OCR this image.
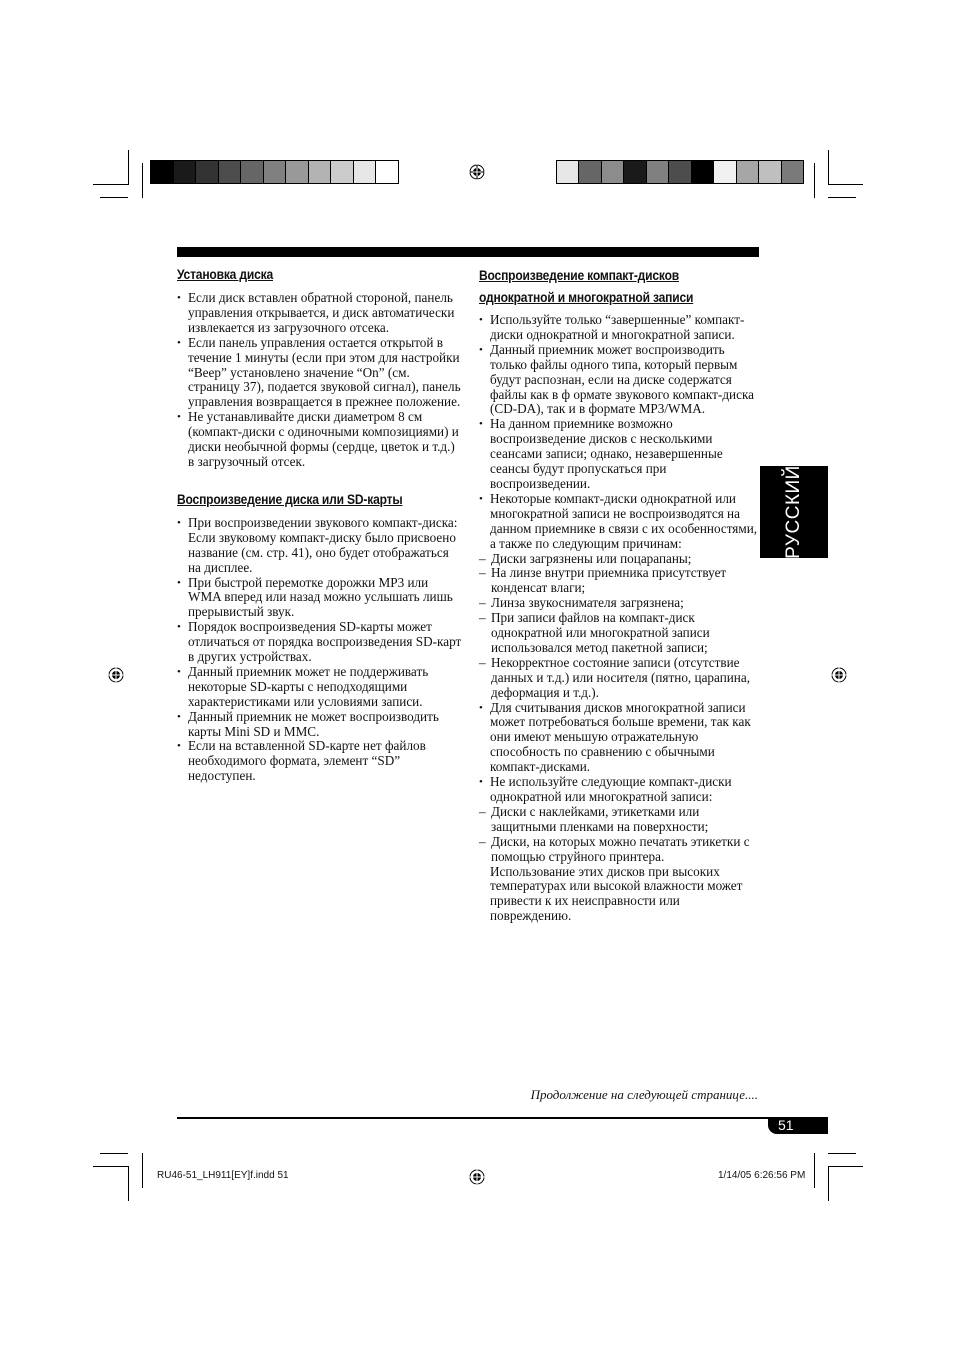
Установка диска
• Если диск вставлен обратной стороной, панель управления открывается, и диск автоматически извлекается из загрузочного отсека.
• Если панель управления остается открытой в течение 1 минуты (если при этом для настройки “Beep” установлено значение “On” (см. страницу 37), подается звуковой сигнал), панель управления возвращается в прежнее положение.
• Не устанавливайте диски диаметром 8 см (компакт-диски с одиночными композициями) и диски необычной формы (сердце, цветок и т.д.) в загрузочный отсек.
Воспроизведение диска или SD-карты
• При воспроизведении звукового компакт-диска: Если звуковому компакт-диску было присвоено название (см. стр. 41), оно будет отображаться на дисплее.
• При быстрой перемотке дорожки MP3 или WMA вперед или назад можно услышать лишь прерывистый звук.
• Порядок воспроизведения SD-карты может отличаться от порядка воспроизведения SD-карт в других устройствах.
• Данный приемник может не поддерживать некоторые SD-карты с неподходящими характеристиками или условиями записи.
• Данный приемник не может воспроизводить карты Mini SD и MMC.
• Если на вставленной SD-карте нет файлов необходимого формата, элемент “SD” недоступен.
Воспроизведение компакт-дисков
однократной и многократной записи
• Используйте только “завершенные” компакт-диски однократной и многократной записи.
• Данный приемник может воспроизводить только файлы одного типа, который первым будут распознан, если на диске содержатся файлы как в ф ормате звукового компакт-диска (CD-DA), так и в формате MP3/WMA.
• На данном приемнике возможно воспроизведение дисков с несколькими сеансами записи; однако, незавершенные сеансы будут пропускаться при воспроизведении.
• Некоторые компакт-диски однократной или многократной записи не воспроизводятся на данном приемнике в связи с их особенностями, а также по следующим причинам:
– Диски загрязнены или поцарапаны;
– На линзе внутри приемника присутствует конденсат влаги;
– Линза звукоснимателя загрязнена;
– При записи файлов на компакт-диск однократной или многократной записи использовался метод пакетной записи;
– Некорректное состояние записи (отсутствие данных и т.д.) или носителя (пятно, царапина, деформация и т.д.).
• Для считывания дисков многократной записи может потребоваться больше времени, так как они имеют меньшую отражательную способность по сравнению с обычными компакт-дисками.
• Не используйте следующие компакт-диски однократной или многократной записи:
– Диски с наклейками, этикетками или защитными пленками на поверхности;
– Диски, на которых можно печатать этикетки с помощью струйного принтера.
Использование этих дисков при высоких температурах или высокой влажности может привести к их неисправности или повреждению.
РУССКИЙ
Продолжение на следующей странице....
51
RU46-51_LH911[EY]f.indd 51	1/14/05 6:26:56 PM
